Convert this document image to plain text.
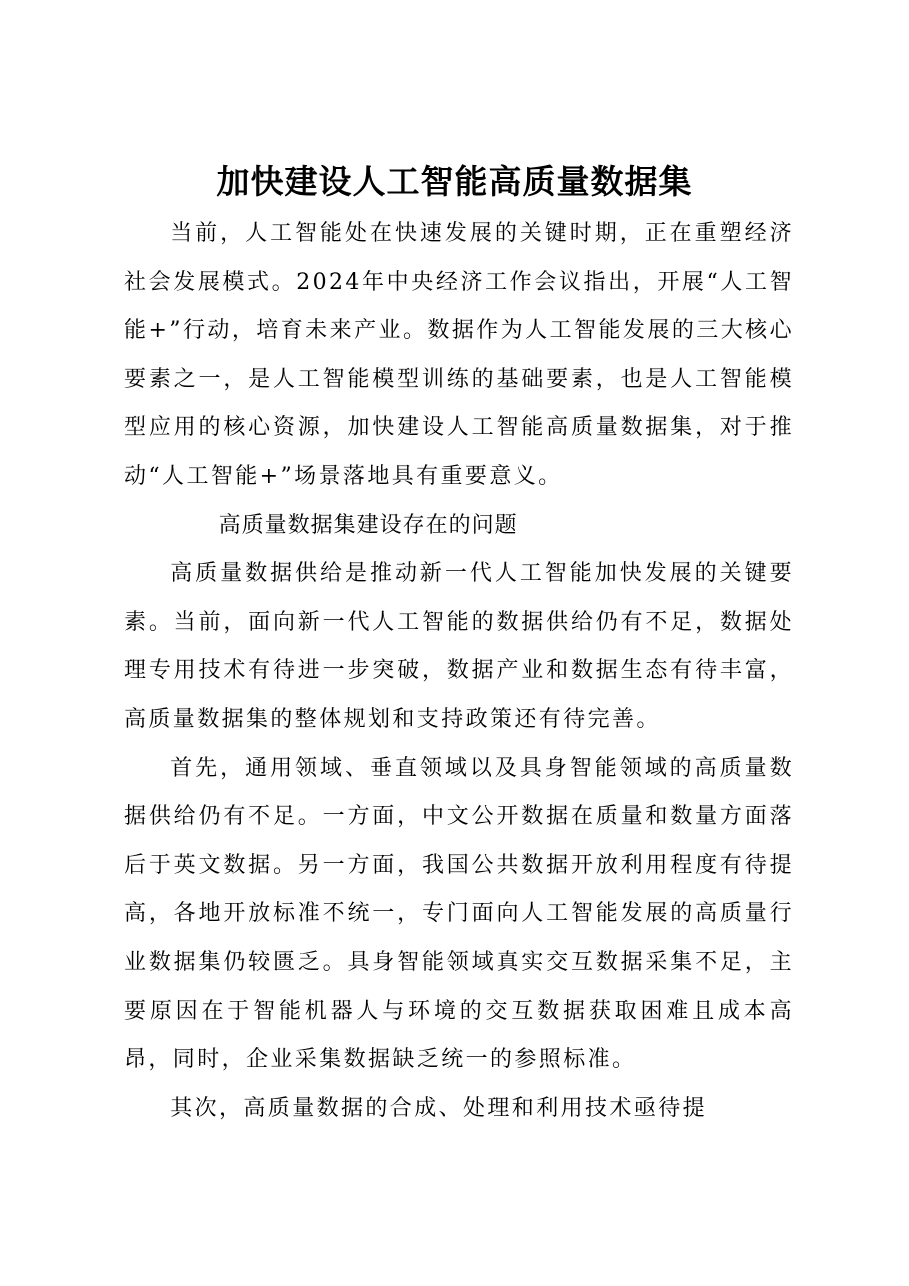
加快建设人工智能高质量数据集

当前，人工智能处在快速发展的关键时期，正在重塑经济社会发展模式。2024年中央经济工作会议指出，开展“人工智能+”行动，培育未来产业。数据作为人工智能发展的三大核心要素之一，是人工智能模型训练的基础要素，也是人工智能模型应用的核心资源，加快建设人工智能高质量数据集，对于推动“人工智能+”场景落地具有重要意义。

高质量数据集建设存在的问题

高质量数据供给是推动新一代人工智能加快发展的关键要素。当前，面向新一代人工智能的数据供给仍有不足，数据处理专用技术有待进一步突破，数据产业和数据生态有待丰富，高质量数据集的整体规划和支持政策还有待完善。

首先，通用领域、垂直领域以及具身智能领域的高质量数据供给仍有不足。一方面，中文公开数据在质量和数量方面落后于英文数据。另一方面，我国公共数据开放利用程度有待提高，各地开放标准不统一，专门面向人工智能发展的高质量行业数据集仍较匮乏。具身智能领域真实交互数据采集不足，主要原因在于智能机器人与环境的交互数据获取困难且成本高昂，同时，企业采集数据缺乏统一的参照标准。

其次，高质量数据的合成、处理和利用技术亟待提
